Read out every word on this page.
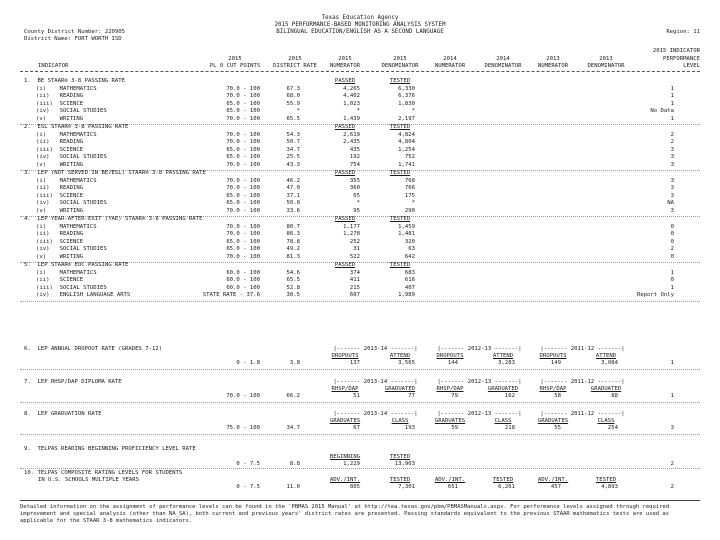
Texas Education Agency
2015 PERFORMANCE-BASED MONITORING ANALYSIS SYSTEM
BILINGUAL EDUCATION/ENGLISH AS A SECOND LANGUAGE
County District Number: 220905
District Name: FORT WORTH ISD
Region: 11
2015 INDICATOR
2015	2015	2015	2015	2014	2014	2013	2013	PERFORMANCE
INDICATOR	PL 0 CUT POINTS	DISTRICT RATE	NUMERATOR	DENOMINATOR	NUMERATOR	DENOMINATOR	NUMERATOR	DENOMINATOR	LEVEL
1.  BE STAAR® 3-8 PASSING RATE	PASSED	TESTED
(i)    MATHEMATICS	70.0 - 100	67.3	4,265	6,330	1
(ii)   READING	70.0 - 100	68.0	4,402	6,376	1
(iii)  SCIENCE	65.0 - 100	55.9	1,023	1,830	1
(iv)   SOCIAL STUDIES	65.0 - 100	*	*	*	No Data
(v)    WRITING	70.0 - 100	65.5	1,439	2,197	1
2.  ESL STAAR® 3-8 PASSING RATE	PASSED	TESTED
(i)    MATHEMATICS	70.0 - 100	54.3	2,619	4,824	2
(ii)   READING	70.0 - 100	50.7	2,435	4,804	2
(iii)  SCIENCE	65.0 - 100	34.7	435	1,254	3
(iv)   SOCIAL STUDIES	65.0 - 100	25.5	192	752	3
(v)    WRITING	70.0 - 100	43.3	754	1,741	3
3.  LEP (NOT SERVED IN BE/ESL) STAAR® 3-8 PASSING RATE	PASSED	TESTED
(i)    MATHEMATICS	70.0 - 100	46.2	355	768	3
(ii)   READING	70.0 - 100	47.0	360	766	3
(iii)  SCIENCE	65.0 - 100	37.1	65	175	3
(iv)   SOCIAL STUDIES	65.0 - 100	50.0	*	*	NA
(v)    WRITING	70.0 - 100	33.6	95	290	3
4.  LEP YEAR-AFTER-EXIT (YAE) STAAR® 3-8 PASSING RATE	PASSED	TESTED
(i)    MATHEMATICS	70.0 - 100	80.7	1,177	1,459	0
(ii)   READING	70.0 - 100	86.3	1,278	1,481	0
(iii)  SCIENCE	65.0 - 100	78.8	252	320	0
(iv)   SOCIAL STUDIES	65.0 - 100	49.2	31	63	2
(v)    WRITING	70.0 - 100	81.3	522	642	0
5.  LEP STAAR® EOC PASSING RATE	PASSED	TESTED
(i)    MATHEMATICS	60.0 - 100	54.6	374	683	1
(ii)   SCIENCE	60.0 - 100	65.5	411	616	0
(iii)  SOCIAL STUDIES	60.0 - 100	52.8	215	407	1
(iv)   ENGLISH LANGUAGE ARTS	STATE RATE - 37.6	30.5	607	1,989	Report Only
6.  LEP ANNUAL DROPOUT RATE (GRADES 7-12)	|------- 2013-14 -------|	|------- 2012-13 -------|	|------- 2011-12 -------|
DROPOUTS	ATTEND	DROPOUTS	ATTEND	DROPOUTS	ATTEND
0 - 1.8	3.8	137	3,565	144	3,283	149	3,084	1
7.  LEP RHSP/DAP DIPLOMA RATE	|------- 2013-14 -------|	|------- 2012-13 -------|	|------- 2011-12 -------|
RHSP/DAP	GRADUATED	RHSP/DAP	GRADUATED	RHSP/DAP	GRADUATED
70.0 - 100	66.2	51	77	79	162	58	88	1
8.  LEP GRADUATION RATE	|------- 2013-14 -------|	|------- 2012-13 -------|	|------- 2011-12 -------|
GRADUATES	CLASS	GRADUATES	CLASS	GRADUATES	CLASS
75.0 - 100	34.7	67	193	59	218	55	254	3
9.  TELPAS READING BEGINNING PROFICIENCY LEVEL RATE
BEGINNING	TESTED
0 - 7.5	8.8	1,229	13,903	2
10. TELPAS COMPOSITE RATING LEVELS FOR STUDENTS
IN U.S. SCHOOLS MULTIPLE YEARS	ADV./INT.	TESTED	ADV./INT.	TESTED	ADV./INT.	TESTED
0 - 7.5	11.0	805	7,301	651	6,261	457	4,893	2
Detailed information on the assignment of performance levels can be found in the 'PBMAS 2015 Manual' at http://tea.texas.gov/pbm/PBMASManuals.aspx. For performance levels assigned through required improvement and special analysis (other than NA_SA), both current and previous years' district rates are presented. Passing standards equivalent to the previous STAAR mathematics tests are used as applicable for the STAAR 3-8 mathematics indicators.
